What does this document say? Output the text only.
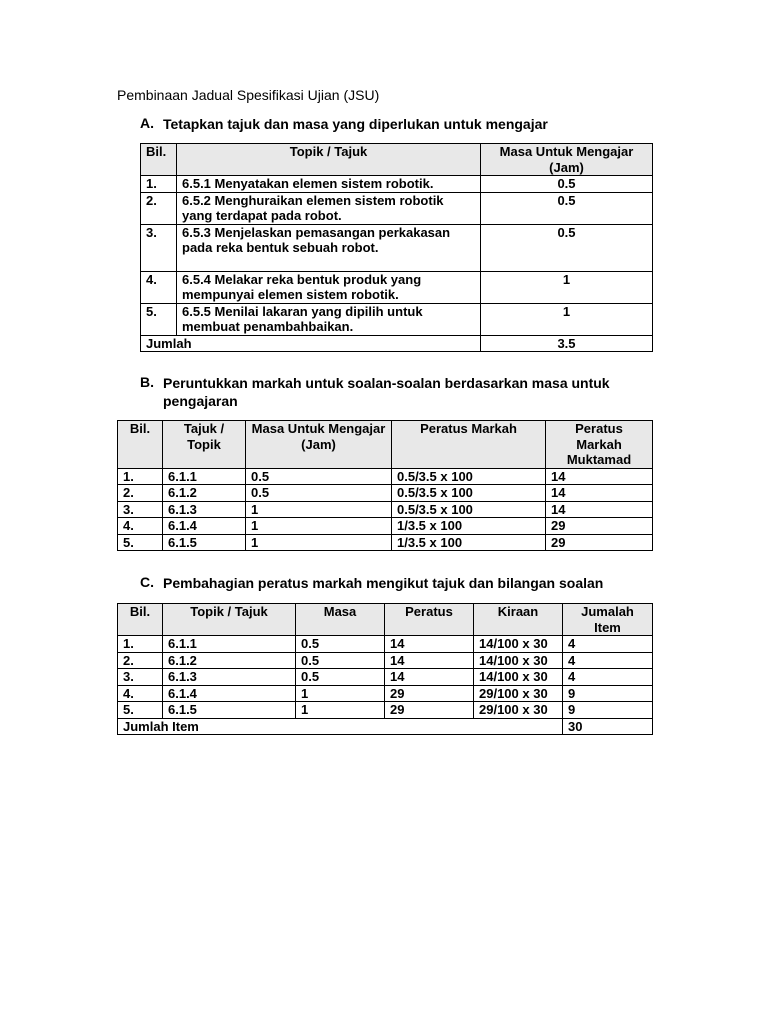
Pembinaan Jadual Spesifikasi Ujian (JSU)
A. Tetapkan tajuk dan masa yang diperlukan untuk mengajar
Bil.	Topik / Tajuk	Masa Untuk Mengajar (Jam)
1.	6.5.1 Menyatakan elemen sistem robotik.	0.5
2.	6.5.2 Menghuraikan elemen sistem robotik yang terdapat pada robot.	0.5
3.	6.5.3 Menjelaskan pemasangan perkakasan pada reka bentuk sebuah robot.	0.5
4.	6.5.4 Melakar reka bentuk produk yang mempunyai elemen sistem robotik.	1
5.	6.5.5 Menilai lakaran yang dipilih untuk membuat penambahbaikan.	1
Jumlah		3.5
B. Peruntukkan markah untuk soalan-soalan berdasarkan masa untuk
pengajaran
Bil.	Tajuk / Topik	Masa Untuk Mengajar (Jam)	Peratus Markah	Peratus Markah Muktamad
1.	6.1.1	0.5	0.5/3.5 x 100	14
2.	6.1.2	0.5	0.5/3.5 x 100	14
3.	6.1.3	1	0.5/3.5 x 100	14
4.	6.1.4	1	1/3.5 x 100	29
5.	6.1.5	1	1/3.5 x 100	29
C. Pembahagian peratus markah mengikut tajuk dan bilangan soalan
Bil.	Topik / Tajuk	Masa	Peratus	Kiraan	Jumalah Item
1.	6.1.1	0.5	14	14/100 x 30	4
2.	6.1.2	0.5	14	14/100 x 30	4
3.	6.1.3	0.5	14	14/100 x 30	4
4.	6.1.4	1	29	29/100 x 30	9
5.	6.1.5	1	29	29/100 x 30	9
Jumlah Item					30
